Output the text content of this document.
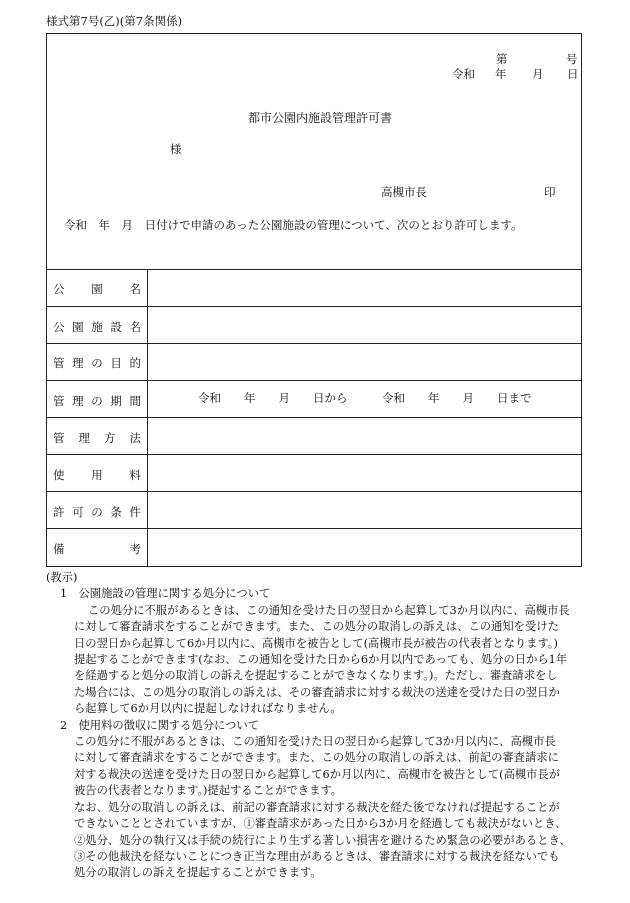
様式第7号(乙)(第7条関係)
第	号
令和 年 月 日
都市公園内施設管理許可書
様
高槻市長	印
令和　年　月　日付けで申請のあった公園施設の管理について、次のとおり許可します。
公 園 名
公 園 施 設 名
管 理 の 目 的
管 理 の 期 間	令和　　年　　月　　日から　　　令和　　年　　月　　日まで
管 理 方 法
使 用 料
許 可 の 条 件
備	考

(教示)

1　公園施設の管理に関する処分について

この処分に不服があるときは、この通知を受けた日の翌日から起算して3か月以内に、高槻市長

に対して審査請求をすることができます。また、この処分の取消しの訴えは、この通知を受けた

日の翌日から起算して6か月以内に、高槻市を被告として(高槻市長が被告の代表者となります。)

提起することができます(なお、この通知を受けた日から6か月以内であっても、処分の日から1年

を経過すると処分の取消しの訴えを提起することができなくなります。)。ただし、審査請求をし

た場合には、この処分の取消しの訴えは、その審査請求に対する裁決の送達を受けた日の翌日か

ら起算して6か月以内に提起しなければなりません。

2　使用料の徴収に関する処分について

この処分に不服があるときは、この通知を受けた日の翌日から起算して3か月以内に、高槻市長

に対して審査請求をすることができます。また、この処分の取消しの訴えは、前記の審査請求に

対する裁決の送達を受けた日の翌日から起算して6か月以内に、高槻市を被告として(高槻市長が

被告の代表者となります。)提起することができます。

なお、処分の取消しの訴えは、前記の審査請求に対する裁決を経た後でなければ提起することが

できないこととされていますが、①審査請求があった日から3か月を経過しても裁決がないとき、

②処分、処分の執行又は手続の続行により生ずる著しい損害を避けるため緊急の必要があるとき、

③その他裁決を経ないことにつき正当な理由があるときは、審査請求に対する裁決を経ないでも

処分の取消しの訴えを提起することができます。
